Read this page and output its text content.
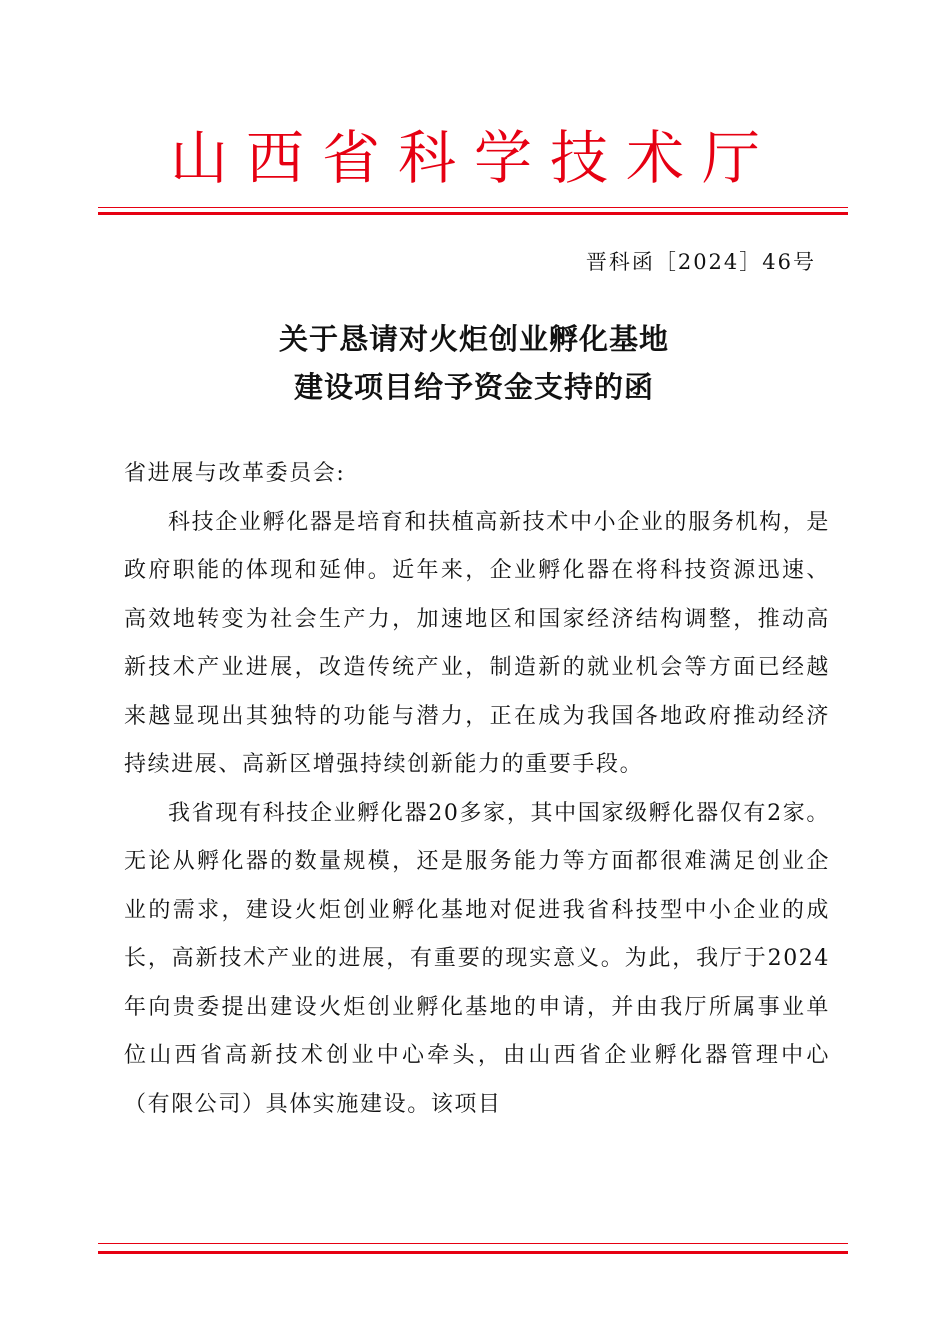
山西省科学技术厅
晋科函［2024］46号
关于恳请对火炬创业孵化基地
建设项目给予资金支持的函

省进展与改革委员会:

科技企业孵化器是培育和扶植高新技术中小企业的服务机构，是政府职能的体现和延伸。近年来，企业孵化器在将科技资源迅速、高效地转变为社会生产力，加速地区和国家经济结构调整，推动高新技术产业进展，改造传统产业，制造新的就业机会等方面已经越来越显现出其独特的功能与潜力，正在成为我国各地政府推动经济持续进展、高新区增强持续创新能力的重要手段。

我省现有科技企业孵化器20多家，其中国家级孵化器仅有2家。无论从孵化器的数量规模，还是服务能力等方面都很难满足创业企业的需求，建设火炬创业孵化基地对促进我省科技型中小企业的成长，高新技术产业的进展，有重要的现实意义。为此，我厅于2024年向贵委提出建设火炬创业孵化基地的申请，并由我厅所属事业单位山西省高新技术创业中心牵头，由山西省企业孵化器管理中心（有限公司）具体实施建设。该项目
